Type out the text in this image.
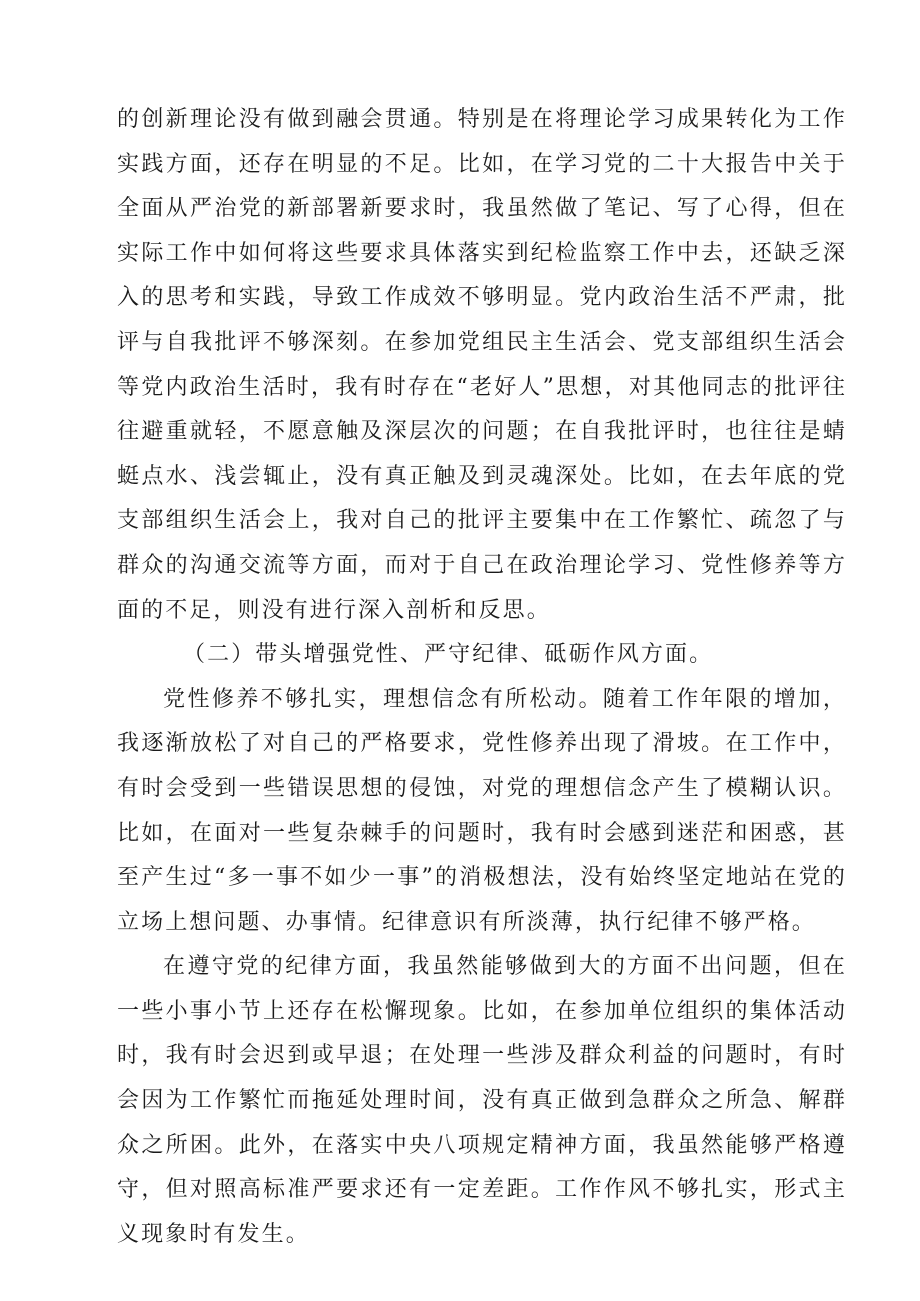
的创新理论没有做到融会贯通。特别是在将理论学习成果转化为工作实践方面，还存在明显的不足。比如，在学习党的二十大报告中关于全面从严治党的新部署新要求时，我虽然做了笔记、写了心得，但在实际工作中如何将这些要求具体落实到纪检监察工作中去，还缺乏深入的思考和实践，导致工作成效不够明显。党内政治生活不严肃，批评与自我批评不够深刻。在参加党组民主生活会、党支部组织生活会等党内政治生活时，我有时存在“老好人”思想，对其他同志的批评往往避重就轻，不愿意触及深层次的问题；在自我批评时，也往往是蜻蜓点水、浅尝辄止，没有真正触及到灵魂深处。比如，在去年底的党支部组织生活会上，我对自己的批评主要集中在工作繁忙、疏忽了与群众的沟通交流等方面，而对于自己在政治理论学习、党性修养等方面的不足，则没有进行深入剖析和反思。

（二）带头增强党性、严守纪律、砥砺作风方面。

党性修养不够扎实，理想信念有所松动。随着工作年限的增加，我逐渐放松了对自己的严格要求，党性修养出现了滑坡。在工作中，有时会受到一些错误思想的侵蚀，对党的理想信念产生了模糊认识。比如，在面对一些复杂棘手的问题时，我有时会感到迷茫和困惑，甚至产生过“多一事不如少一事”的消极想法，没有始终坚定地站在党的立场上想问题、办事情。纪律意识有所淡薄，执行纪律不够严格。

在遵守党的纪律方面，我虽然能够做到大的方面不出问题，但在一些小事小节上还存在松懈现象。比如，在参加单位组织的集体活动时，我有时会迟到或早退；在处理一些涉及群众利益的问题时，有时会因为工作繁忙而拖延处理时间，没有真正做到急群众之所急、解群众之所困。此外，在落实中央八项规定精神方面，我虽然能够严格遵守，但对照高标准严要求还有一定差距。工作作风不够扎实，形式主义现象时有发生。
